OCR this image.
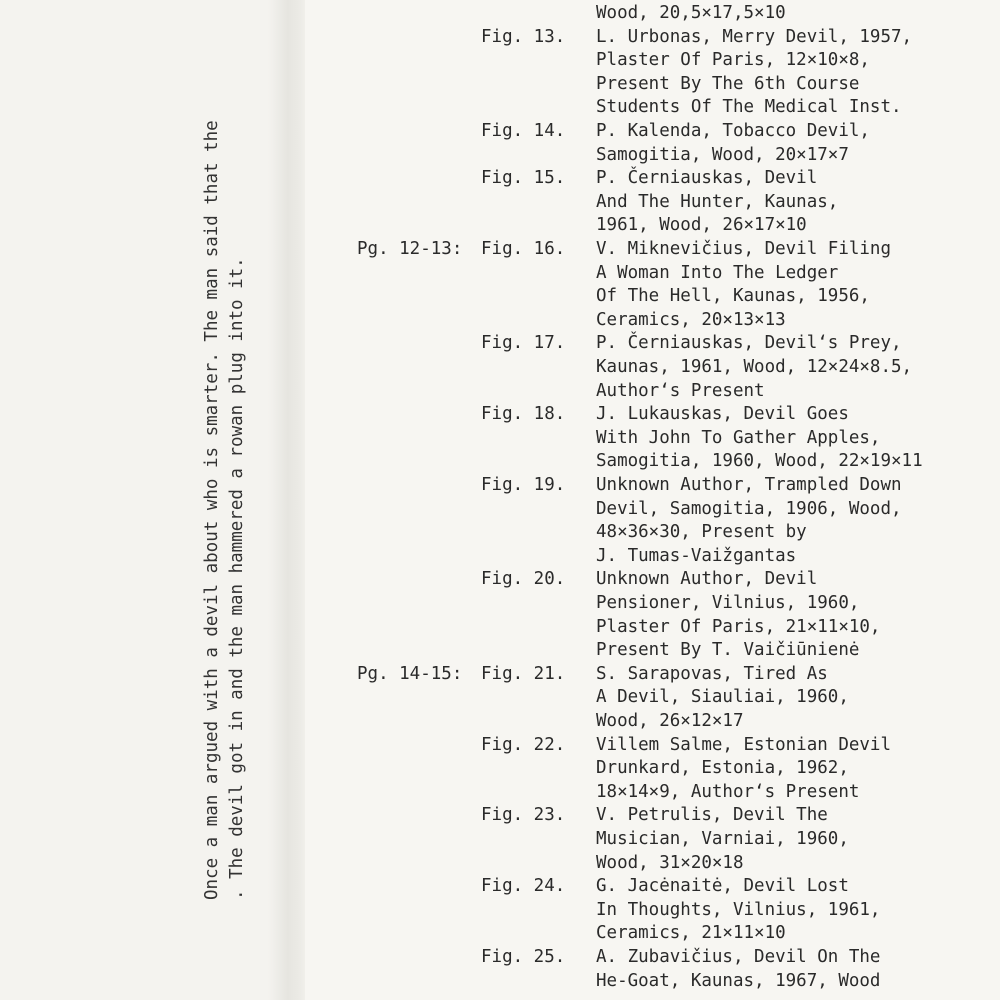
Once a man argued with a devil about who is smarter. The man said that the . The devil got in and the man hammered a rowan plug into it.
Wood, 20,5×17,5×10
Fig. 13. L. Urbonas, Merry Devil, 1957,
Plaster Of Paris, 12×10×8,
Present By The 6th Course
Students Of The Medical Inst.
Fig. 14. P. Kalenda, Tobacco Devil,
Samogitia, Wood, 20×17×7
Fig. 15. P. Černiauskas, Devil
And The Hunter, Kaunas,
1961, Wood, 26×17×10
Pg. 12-13: Fig. 16. V. Miknevičius, Devil Filing
A Woman Into The Ledger
Of The Hell, Kaunas, 1956,
Ceramics, 20×13×13
Fig. 17. P. Černiauskas, Devil‘s Prey,
Kaunas, 1961, Wood, 12×24×8.5,
Author‘s Present
Fig. 18. J. Lukauskas, Devil Goes
With John To Gather Apples,
Samogitia, 1960, Wood, 22×19×11
Fig. 19. Unknown Author, Trampled Down
Devil, Samogitia, 1906, Wood,
48×36×30, Present by
J. Tumas-Vaižgantas
Fig. 20. Unknown Author, Devil
Pensioner, Vilnius, 1960,
Plaster Of Paris, 21×11×10,
Present By T. Vaičiūnienė
Pg. 14-15: Fig. 21. S. Sarapovas, Tired As
A Devil, Siauliai, 1960,
Wood, 26×12×17
Fig. 22. Villem Salme, Estonian Devil
Drunkard, Estonia, 1962,
18×14×9, Author‘s Present
Fig. 23. V. Petrulis, Devil The
Musician, Varniai, 1960,
Wood, 31×20×18
Fig. 24. G. Jacėnaitė, Devil Lost
In Thoughts, Vilnius, 1961,
Ceramics, 21×11×10
Fig. 25. A. Zubavičius, Devil On The
He-Goat, Kaunas, 1967, Wood
